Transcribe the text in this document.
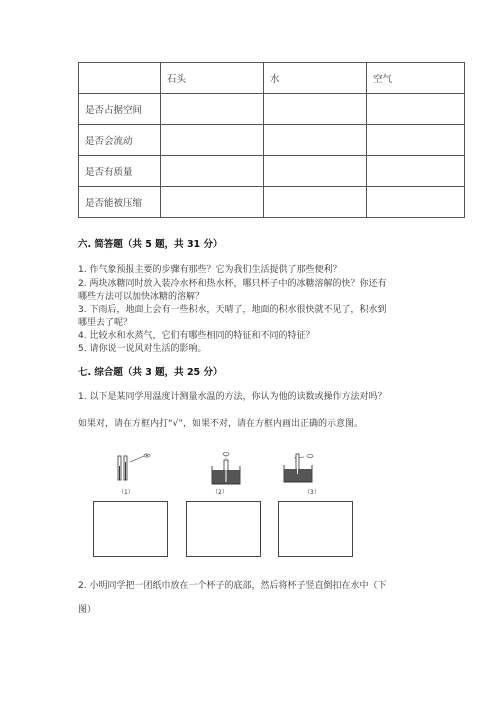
	石头	水	空气
是否占据空间			
是否会流动			
是否有质量			
是否能被压缩			
六. 简答题（共 5 题，共 31 分）
1. 作气象预报主要的步骤有那些？它为我们生活提供了那些便利？
2. 两块冰糖同时放入装冷水杯和热水杯，哪只杯子中的冰糖溶解的快？你还有
哪些方法可以加快冰糖的溶解？
3. 下雨后，地面上会有一些积水，天晴了，地面的积水很快就不见了，积水到
哪里去了呢？
4. 比较水和水蒸气，它们有哪些相同的特征和不同的特征？
5. 请你说一说风对生活的影响。
七. 综合题（共 3 题，共 25 分）
1. 以下是某同学用温度计测量水温的方法，你认为他的读数或操作方法对吗？
如果对，请在方框内打“√”，如果不对，请在方框内画出正确的示意图。
（1）	（2）	（3）
2. 小明同学把一团纸巾放在一个杯子的底部，然后将杯子竖直倒扣在水中（下
图）
